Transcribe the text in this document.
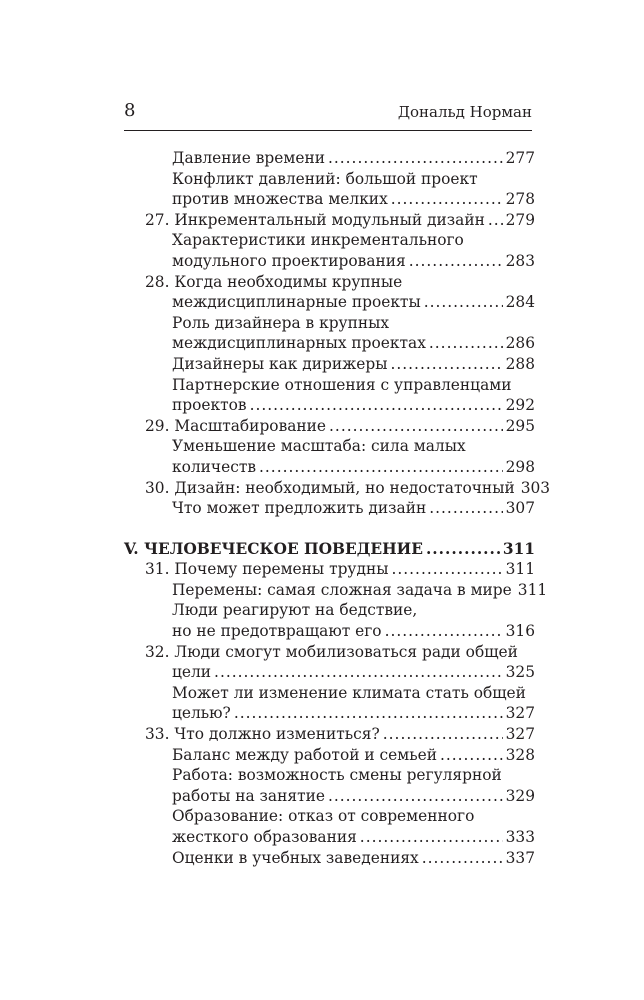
8	Дональд Норман
Давление времени .....	277
Конфликт давлений: большой проект
против множества мелких .....	278
27. Инкрементальный модульный дизайн ..... 279
Характеристики инкрементального
модульного проектирования .....	283
28. Когда необходимы крупные
междисциплинарные проекты .....	284
Роль дизайнера в крупных
междисциплинарных проектах .....	286
Дизайнеры как дирижеры .....	288
Партнерские отношения с управленцами
проектов .....	292
29. Масштабирование .....	295
Уменьшение масштаба: сила малых
количеств .....	298
30. Дизайн: необходимый, но недостаточный 303
Что может предложить дизайн .....	307
V. ЧЕЛОВЕЧЕСКОЕ ПОВЕДЕНИЕ .....	311
31. Почему перемены трудны .....	311
Перемены: самая сложная задача в мире 311
Люди реагируют на бедствие,
но не предотвращают его .....	316
32. Люди смогут мобилизоваться ради общей
цели .....	325
Может ли изменение климата стать общей
целью? .....	327
33. Что должно измениться? .....	327
Баланс между работой и семьей .....	328
Работа: возможность смены регулярной
работы на занятие .....	329
Образование: отказ от современного
жесткого образования .....	333
Оценки в учебных заведениях .....	337
